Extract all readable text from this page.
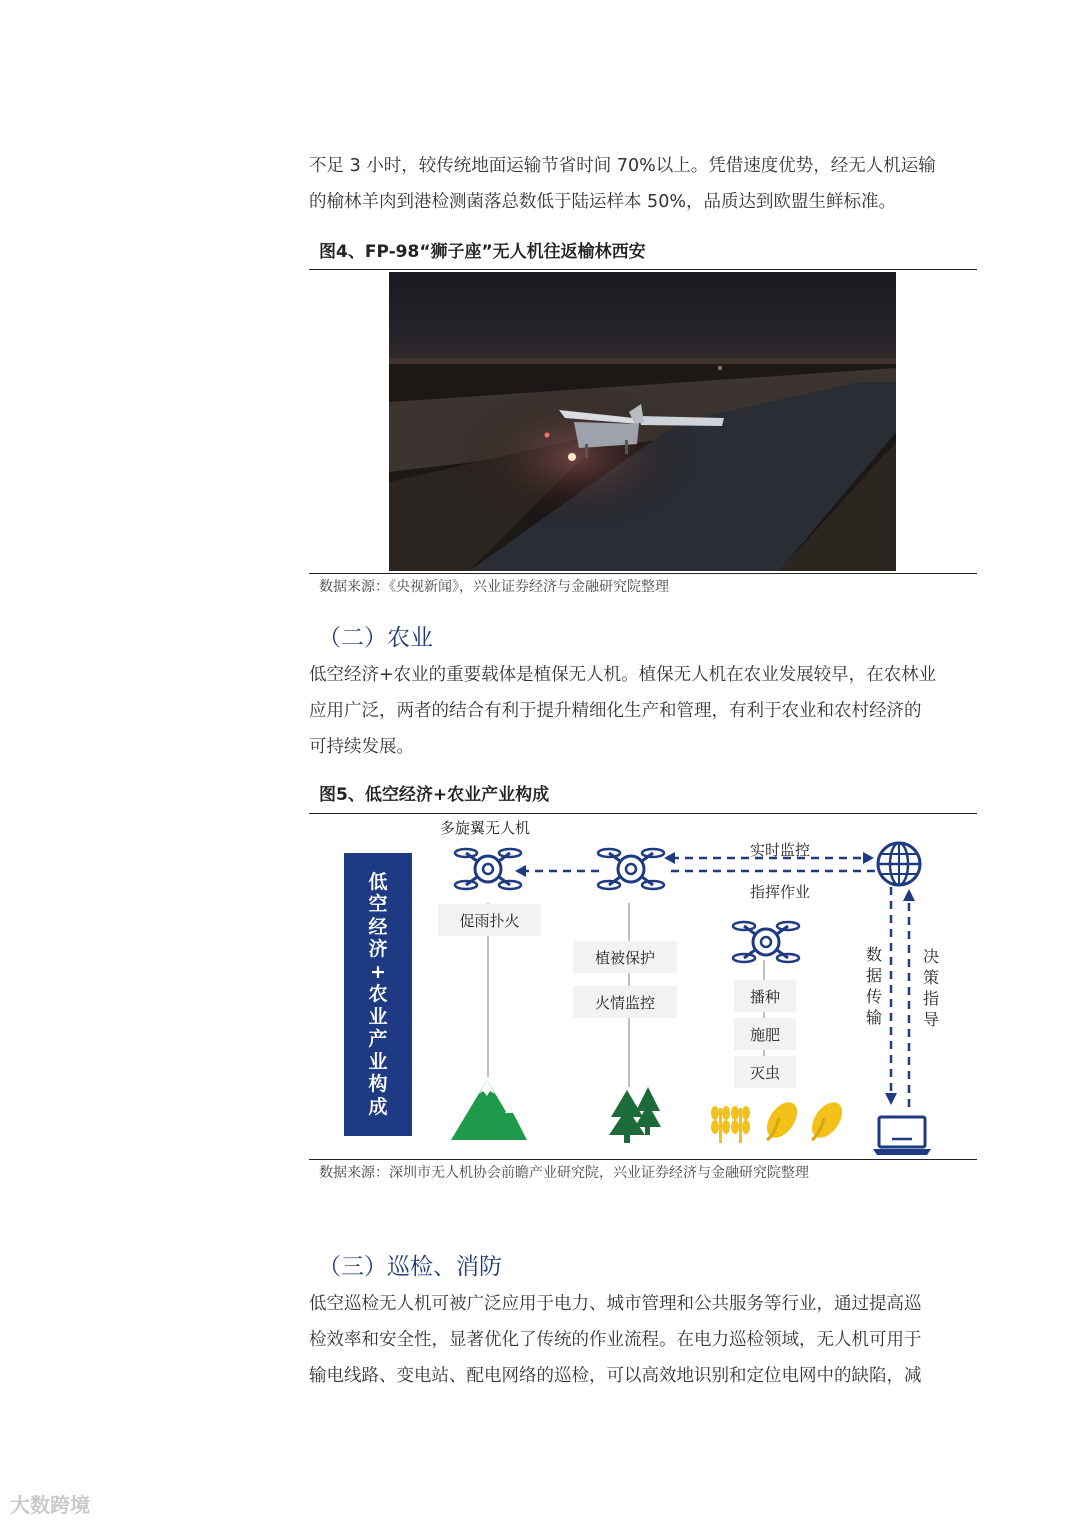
不足 3 小时，较传统地面运输节省时间 70%以上。凭借速度优势，经无人机运输
的榆林羊肉到港检测菌落总数低于陆运样本 50%，品质达到欧盟生鲜标准。
图4、FP-98“狮子座”无人机往返榆林西安
数据来源：《央视新闻》，兴业证券经济与金融研究院整理
（二）农业
低空经济+农业的重要载体是植保无人机。植保无人机在农业发展较早，在农林业
应用广泛，两者的结合有利于提升精细化生产和管理，有利于农业和农村经济的
可持续发展。
图5、低空经济+农业产业构成
低
空
经
济
+
农
业
产
业
构
成
多旋翼无人机
实时监控
指挥作业
促雨扑火
植被保护
火情监控	播种
施肥
灭虫
数
据
传
输
决
策
指
导
数据来源：深圳市无人机协会前瞻产业研究院，兴业证券经济与金融研究院整理
（三）巡检、消防
低空巡检无人机可被广泛应用于电力、城市管理和公共服务等行业，通过提高巡
检效率和安全性，显著优化了传统的作业流程。在电力巡检领域，无人机可用于
输电线路、变电站、配电网络的巡检，可以高效地识别和定位电网中的缺陷，减
大数跨境
